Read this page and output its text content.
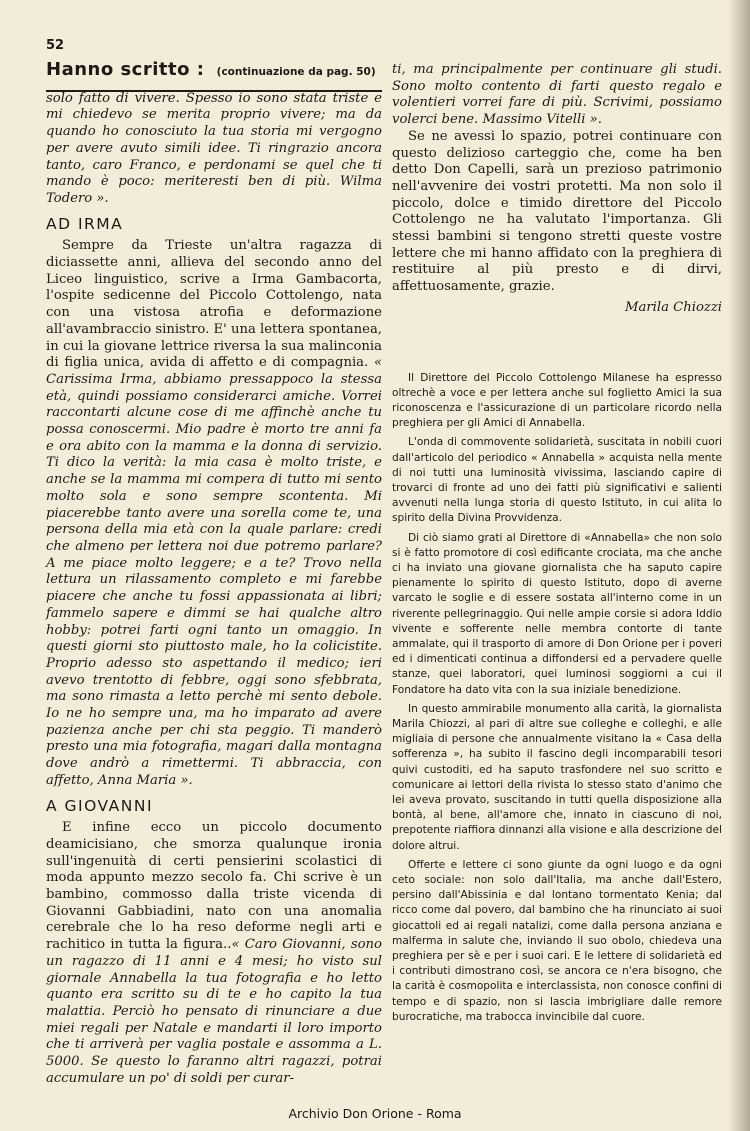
52
Hanno scritto : (continuazione da pag. 50)

solo fatto di vivere. Spesso io sono stata triste e mi chiedevo se merita proprio vivere; ma da quando ho conosciuto la tua storia mi vergogno per avere avuto simili idee. Ti ringrazio ancora tanto, caro Franco, e perdonami se quel che ti mando è poco: meriteresti ben di più. Wilma Todero ».

AD IRMA

Sempre da Trieste un'altra ragazza di diciassette anni, allieva del secondo anno del Liceo linguistico, scrive a Irma Gambacorta, l'ospite sedicenne del Piccolo Cottolengo, nata con una vistosa atrofia e deformazione all'avambraccio sinistro. E' una lettera spontanea, in cui la giovane lettrice riversa la sua malinconia di figlia unica, avida di affetto e di compagnia. « Carissima Irma, abbiamo pressappoco la stessa età, quindi possiamo considerarci amiche. Vorrei raccontarti alcune cose di me affinchè anche tu possa conoscermi. Mio padre è morto tre anni fa e ora abito con la mamma e la donna di servizio. Ti dico la verità: la mia casa è molto triste, e anche se la mamma mi compera di tutto mi sento molto sola e sono sempre scontenta. Mi piacerebbe tanto avere una sorella come te, una persona della mia età con la quale parlare: credi che almeno per lettera noi due potremo parlare? A me piace molto leggere; e a te? Trovo nella lettura un rilassamento completo e mi farebbe piacere che anche tu fossi appassionata ai libri; fammelo sapere e dimmi se hai qualche altro hobby: potrei farti ogni tanto un omaggio. In questi giorni sto piuttosto male, ho la colicistite. Proprio adesso sto aspettando il medico; ieri avevo trentotto di febbre, oggi sono sfebbrata, ma sono rimasta a letto perchè mi sento debole. Io ne ho sempre una, ma ho imparato ad avere pazienza anche per chi sta peggio. Ti manderò presto una mia fotografia, magari dalla montagna dove andrò a rimettermi. Ti abbraccia, con affetto, Anna Maria ».

A GIOVANNI

E infine ecco un piccolo documento deamicisiano, che smorza qualunque ironia sull'ingenuità di certi pensierini scolastici di moda appunto mezzo secolo fa. Chi scrive è un bambino, commosso dalla triste vicenda di Giovanni Gabbiadini, nato con una anomalia cerebrale che lo ha reso deforme negli arti e rachitico in tutta la figura..« Caro Giovanni, sono un ragazzo di 11 anni e 4 mesi; ho visto sul giornale Annabella la tua fotografia e ho letto quanto era scritto su di te e ho capito la tua malattia. Perciò ho pensato di rinunciare a due miei regali per Natale e mandarti il loro importo che ti arriverà per vaglia postale e assomma a L. 5000. Se questo lo faranno altri ragazzi, potrai accumulare un po' di soldi per curar-

ti, ma principalmente per continuare gli studi. Sono molto contento di farti questo regalo e volentieri vorrei fare di più. Scrivimi, possiamo volerci bene. Massimo Vitelli ».

Se ne avessi lo spazio, potrei continuare con questo delizioso carteggio che, come ha ben detto Don Capelli, sarà un prezioso patrimonio nell'avvenire dei vostri protetti. Ma non solo il piccolo, dolce e timido direttore del Piccolo Cottolengo ne ha valutato l'importanza. Gli stessi bambini si tengono stretti queste vostre lettere che mi hanno affidato con la preghiera di restituire al più presto e di dirvi, affettuosamente, grazie.

Marila Chiozzi

Il Direttore del Piccolo Cottolengo Milanese ha espresso oltrechè a voce e per lettera anche sul foglietto Amici la sua riconoscenza e l'assicurazione di un particolare ricordo nella preghiera per gli Amici di Annabella.

L'onda di commovente solidarietà, suscitata in nobili cuori dall'articolo del periodico « Annabella » acquista nella mente di noi tutti una luminosità vivissima, lasciando capire di trovarci di fronte ad uno dei fatti più significativi e salienti avvenuti nella lunga storia di questo Istituto, in cui alita lo spirito della Divina Provvidenza.

Di ciò siamo grati al Direttore di «Annabella» che non solo si è fatto promotore di così edificante crociata, ma che anche ci ha inviato una giovane giornalista che ha saputo capire pienamente lo spirito di questo Istituto, dopo di averne varcato le soglie e di essere sostata all'interno come in un riverente pellegrinaggio. Qui nelle ampie corsie si adora Iddio vivente e sofferente nelle membra contorte di tante ammalate, qui il trasporto di amore di Don Orione per i poveri ed i dimenticati continua a diffondersi ed a pervadere quelle stanze, quei laboratori, quei luminosi soggiorni a cui il Fondatore ha dato vita con la sua iniziale benedizione.

In questo ammirabile monumento alla carità, la giornalista Marila Chiozzi, al pari di altre sue colleghe e colleghi, e alle migliaia di persone che annualmente visitano la « Casa della sofferenza », ha subito il fascino degli incomparabili tesori quivi custoditi, ed ha saputo trasfondere nel suo scritto e comunicare ai lettori della rivista lo stesso stato d'animo che lei aveva provato, suscitando in tutti quella disposizione alla bontà, al bene, all'amore che, innato in ciascuno di noi, prepotente riaffiora dinnanzi alla visione e alla descrizione del dolore altrui.

Offerte e lettere ci sono giunte da ogni luogo e da ogni ceto sociale: non solo dall'Italia, ma anche dall'Estero, persino dall'Abissinia e dal lontano tormentato Kenia; dal ricco come dal povero, dal bambino che ha rinunciato ai suoi giocattoli ed ai regali natalizi, come dalla persona anziana e malferma in salute che, inviando il suo obolo, chiedeva una preghiera per sè e per i suoi cari. E le lettere di solidarietà ed i contributi dimostrano così, se ancora ce n'era bisogno, che la carità è cosmopolita e interclassista, non conosce confini di tempo e di spazio, non si lascia imbrigliare dalle remore burocratiche, ma trabocca invincibile dal cuore.

Archivio Don Orione - Roma
